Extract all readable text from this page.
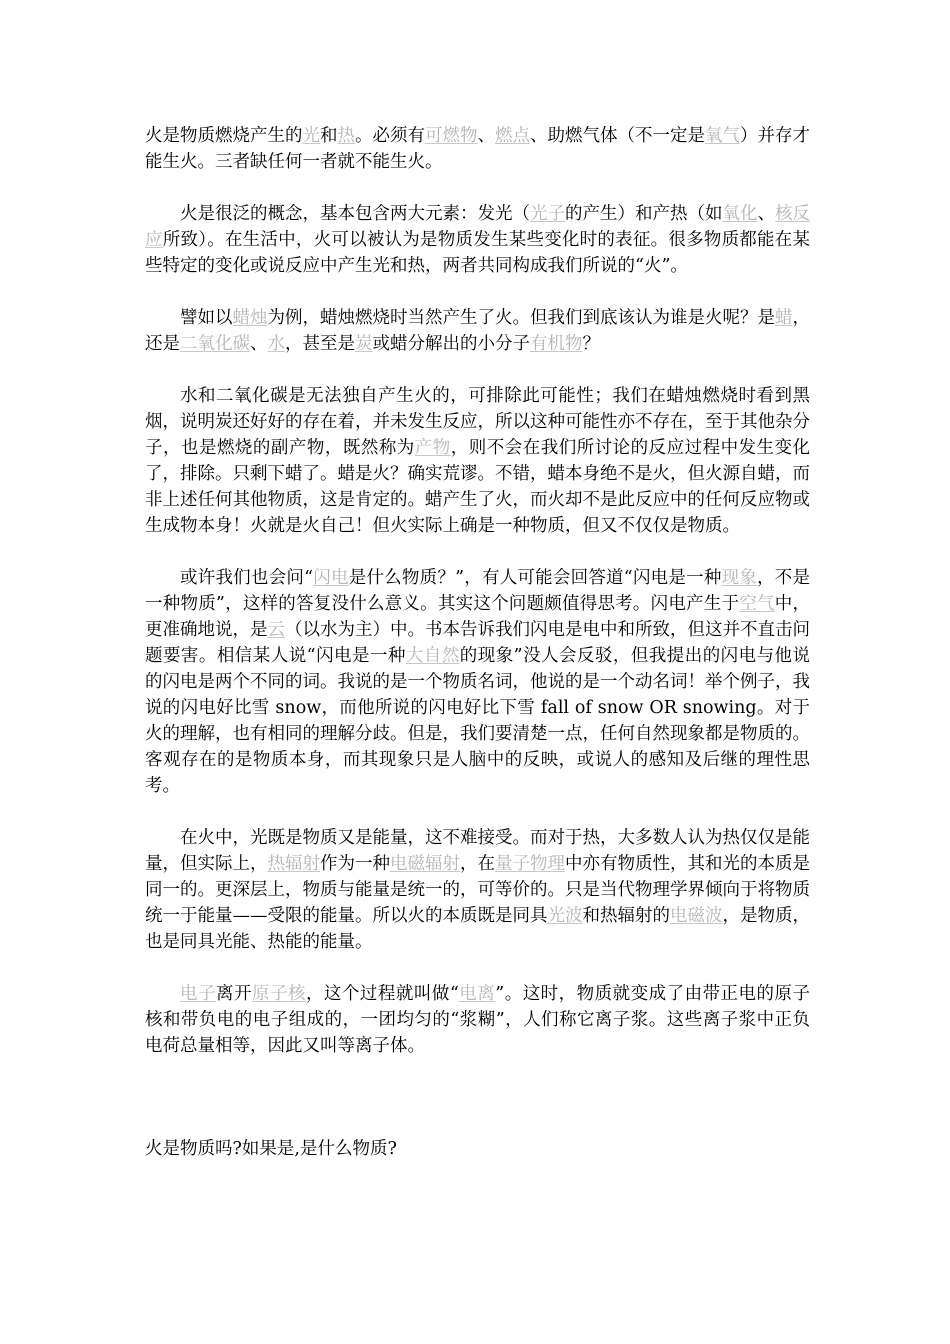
火是物质燃烧产生的光和热。必须有可燃物、燃点、助燃气体（不一定是氧气）并存才能生火。三者缺任何一者就不能生火。

火是很泛的概念，基本包含两大元素：发光（光子的产生）和产热（如氧化、核反应所致）。在生活中，火可以被认为是物质发生某些变化时的表征。很多物质都能在某些特定的变化或说反应中产生光和热，两者共同构成我们所说的“火”。

譬如以蜡烛为例，蜡烛燃烧时当然产生了火。但我们到底该认为谁是火呢？是蜡，还是二氧化碳、水，甚至是炭或蜡分解出的小分子有机物？

水和二氧化碳是无法独自产生火的，可排除此可能性；我们在蜡烛燃烧时看到黑烟，说明炭还好好的存在着，并未发生反应，所以这种可能性亦不存在，至于其他杂分子，也是燃烧的副产物，既然称为产物，则不会在我们所讨论的反应过程中发生变化了，排除。只剩下蜡了。蜡是火？确实荒谬。不错，蜡本身绝不是火，但火源自蜡，而非上述任何其他物质，这是肯定的。蜡产生了火，而火却不是此反应中的任何反应物或生成物本身！火就是火自己！但火实际上确是一种物质，但又不仅仅是物质。

或许我们也会问“闪电是什么物质？”，有人可能会回答道“闪电是一种现象，不是一种物质”，这样的答复没什么意义。其实这个问题颇值得思考。闪电产生于空气中，更准确地说，是云（以水为主）中。书本告诉我们闪电是电中和所致，但这并不直击问题要害。相信某人说“闪电是一种大自然的现象”没人会反驳，但我提出的闪电与他说的闪电是两个不同的词。我说的是一个物质名词，他说的是一个动名词！举个例子，我说的闪电好比雪 snow，而他所说的闪电好比下雪 fall of snow OR snowing。对于火的理解，也有相同的理解分歧。但是，我们要清楚一点，任何自然现象都是物质的。客观存在的是物质本身，而其现象只是人脑中的反映，或说人的感知及后继的理性思考。

在火中，光既是物质又是能量，这不难接受。而对于热，大多数人认为热仅仅是能量，但实际上，热辐射作为一种电磁辐射，在量子物理中亦有物质性，其和光的本质是同一的。更深层上，物质与能量是统一的，可等价的。只是当代物理学界倾向于将物质统一于能量——受限的能量。所以火的本质既是同具光波和热辐射的电磁波，是物质，也是同具光能、热能的能量。

电子离开原子核，这个过程就叫做“电离”。这时，物质就变成了由带正电的原子核和带负电的电子组成的，一团均匀的“浆糊”，人们称它离子浆。这些离子浆中正负电荷总量相等，因此又叫等离子体。

火是物质吗?如果是,是什么物质?
